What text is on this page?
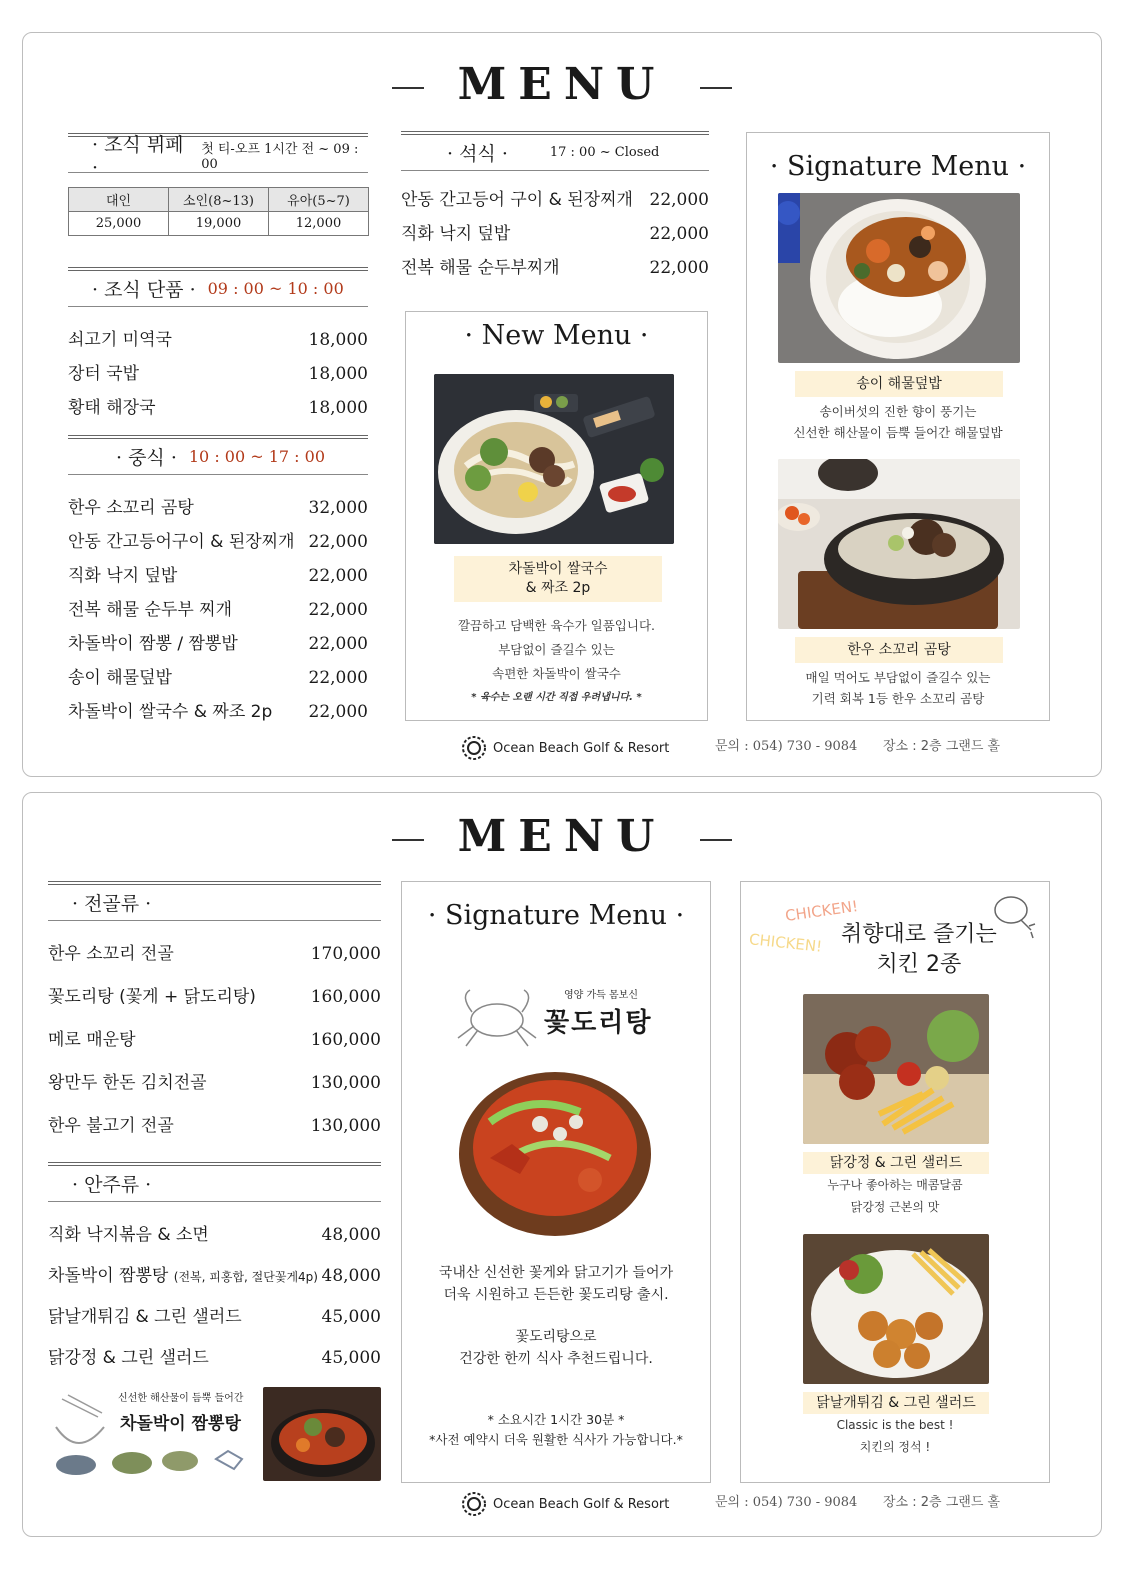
MENU
· 조식 뷔페 ·
첫 티-오프 1시간 전 ~ 09 : 00
대인	소인(8~13)	유아(5~7)
25,000	19,000	12,000
· 조식 단품 · 09 : 00 ~ 10 : 00
쇠고기 미역국	18,000
장터 국밥	18,000
황태 해장국	18,000
· 중식 · 10 : 00 ~ 17 : 00
한우 소꼬리 곰탕	32,000
안동 간고등어구이 & 된장찌개 22,000
직화 낙지 덮밥	22,000
전복 해물 순두부 찌개	22,000
차돌박이 짬뽕 / 짬뽕밥	22,000
송이 해물덮밥	22,000
차돌박이 쌀국수 & 짜조 2p 22,000
· 석식 ·	17 : 00 ~ Closed
안동 간고등어 구이 & 된장찌개 22,000
직화 낙지 덮밥	22,000
전복 해물 순두부찌개	22,000
· New Menu ·
차돌박이 쌀국수
& 짜조 2p
깔끔하고 담백한 육수가 일품입니다.
부담없이 즐길수 있는
속편한 차돌박이 쌀국수
* 육수는 오랜 시간 직접 우려냅니다. *
· Signature Menu ·
송이 해물덮밥
송이버섯의 진한 향이 풍기는
신선한 해산물이 듬뿍 들어간 해물덮밥
한우 소꼬리 곰탕
매일 먹어도 부담없이 즐길수 있는
기력 회복 1등 한우 소꼬리 곰탕
Ocean Beach Golf & Resort	문의 : 054) 730 - 9084 장소 : 2층 그랜드 홀
MENU
· 전골류 ·
한우 소꼬리 전골	170,000
꽃도리탕 (꽃게 + 닭도리탕)	160,000
메로 매운탕	160,000
왕만두 한돈 김치전골	130,000
한우 불고기 전골	130,000
· 안주류 ·
직화 낙지볶음 & 소면	48,000
차돌박이 짬뽕탕 (전복, 피홍합, 절단꽃게4p) 48,000
닭날개튀김 & 그린 샐러드	45,000
닭강정 & 그린 샐러드	45,000
신선한 해산물이 듬뿍 들어간
차돌박이 짬뽕탕
· Signature Menu ·
영양 가득 몸보신
꽃도리탕
국내산 신선한 꽃게와 닭고기가 들어가
더욱 시원하고 든든한 꽃도리탕 출시.
꽃도리탕으로
건강한 한끼 식사 추천드립니다.
* 소요시간 1시간 30분 *
*사전 예약시 더욱 원활한 식사가 가능합니다.*
CHICKEN!
CHICKEN! 취향대로 즐기는
치킨 2종
닭강정 & 그린 샐러드
누구나 좋아하는 매콤달콤
닭강정 근본의 맛
닭날개튀김 & 그린 샐러드
Classic is the best !
치킨의 정석 !
Ocean Beach Golf & Resort	문의 : 054) 730 - 9084 장소 : 2층 그랜드 홀
